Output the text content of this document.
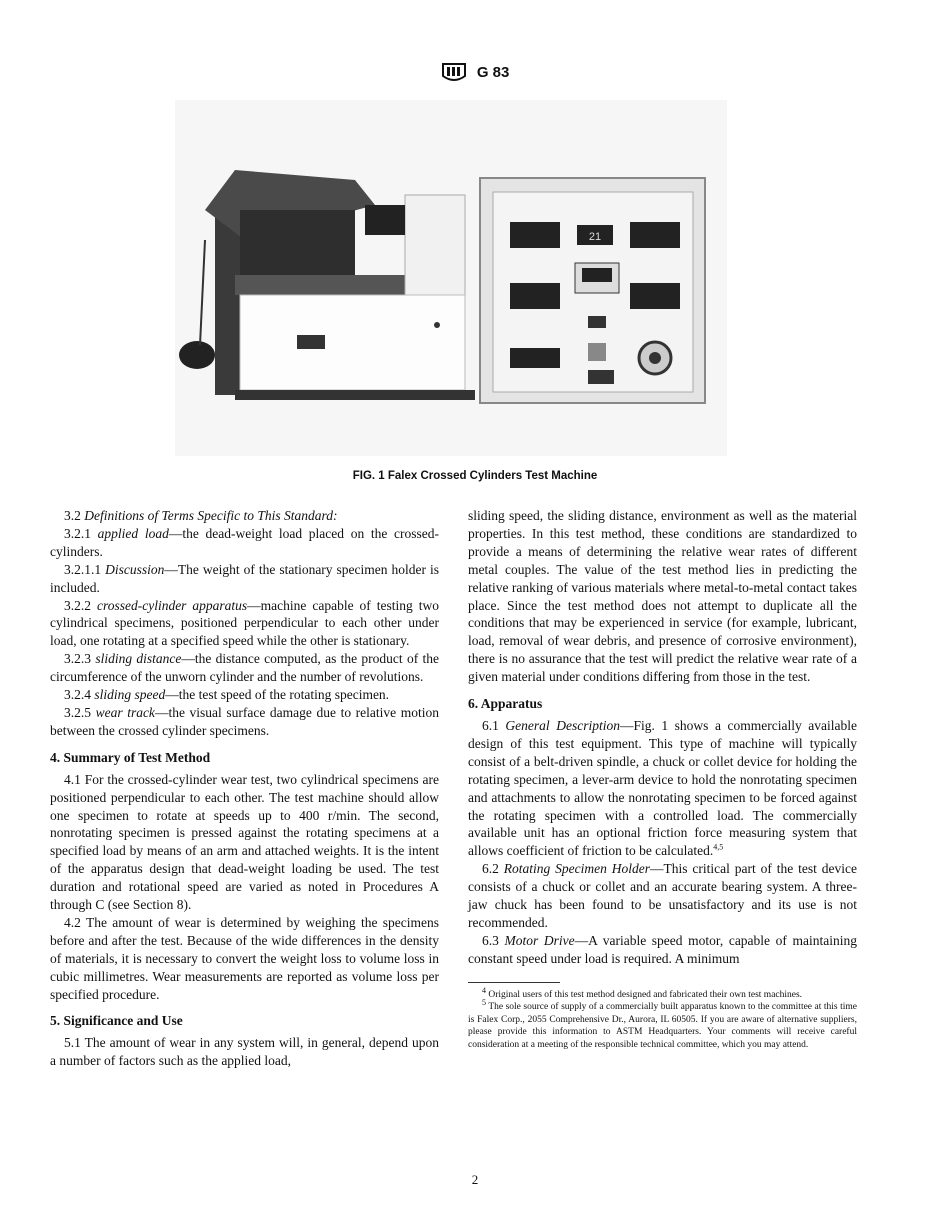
G 83
21
FIG. 1 Falex Crossed Cylinders Test Machine

3.2 Definitions of Terms Specific to This Standard:

3.2.1 applied load—the dead-weight load placed on the crossed-cylinders.

3.2.1.1 Discussion—The weight of the stationary specimen holder is included.

3.2.2 crossed-cylinder apparatus—machine capable of testing two cylindrical specimens, positioned perpendicular to each other under load, one rotating at a specified speed while the other is stationary.

3.2.3 sliding distance—the distance computed, as the product of the circumference of the unworn cylinder and the number of revolutions.

3.2.4 sliding speed—the test speed of the rotating specimen.

3.2.5 wear track—the visual surface damage due to relative motion between the crossed cylinder specimens.

4. Summary of Test Method

4.1 For the crossed-cylinder wear test, two cylindrical specimens are positioned perpendicular to each other. The test machine should allow one specimen to rotate at speeds up to 400 r/min. The second, nonrotating specimen is pressed against the rotating specimens at a specified load by means of an arm and attached weights. It is the intent of the apparatus design that dead-weight loading be used. The test duration and rotational speed are varied as noted in Procedures A through C (see Section 8).

4.2 The amount of wear is determined by weighing the specimens before and after the test. Because of the wide differences in the density of materials, it is necessary to convert the weight loss to volume loss in cubic millimetres. Wear measurements are reported as volume loss per specified procedure.

5. Significance and Use

5.1 The amount of wear in any system will, in general, depend upon a number of factors such as the applied load,

sliding speed, the sliding distance, environment as well as the material properties. In this test method, these conditions are standardized to provide a means of determining the relative wear rates of different metal couples. The value of the test method lies in predicting the relative ranking of various materials where metal-to-metal contact takes place. Since the test method does not attempt to duplicate all the conditions that may be experienced in service (for example, lubricant, load, removal of wear debris, and presence of corrosive environment), there is no assurance that the test will predict the relative wear rate of a given material under conditions differing from those in the test.

6. Apparatus

6.1 General Description—Fig. 1 shows a commercially available design of this test equipment. This type of machine will typically consist of a belt-driven spindle, a chuck or collet device for holding the rotating specimen, a lever-arm device to hold the nonrotating specimen and attachments to allow the nonrotating specimen to be forced against the rotating specimen with a controlled load. The commercially available unit has an optional friction force measuring system that allows coefficient of friction to be calculated.$^{4,5}$

6.2 Rotating Specimen Holder—This critical part of the test device consists of a chuck or collet and an accurate bearing system. A three-jaw chuck has been found to be unsatisfactory and its use is not recommended.

6.3 Motor Drive—A variable speed motor, capable of maintaining constant speed under load is required. A minimum

$^4$ Original users of this test method designed and fabricated their own test machines.

$^5$ The sole source of supply of a commercially built apparatus known to the committee at this time is Falex Corp., 2055 Comprehensive Dr., Aurora, IL 60505. If you are aware of alternative suppliers, please provide this information to ASTM Headquarters. Your comments will receive careful consideration at a meeting of the responsible technical committee, which you may attend.

2
